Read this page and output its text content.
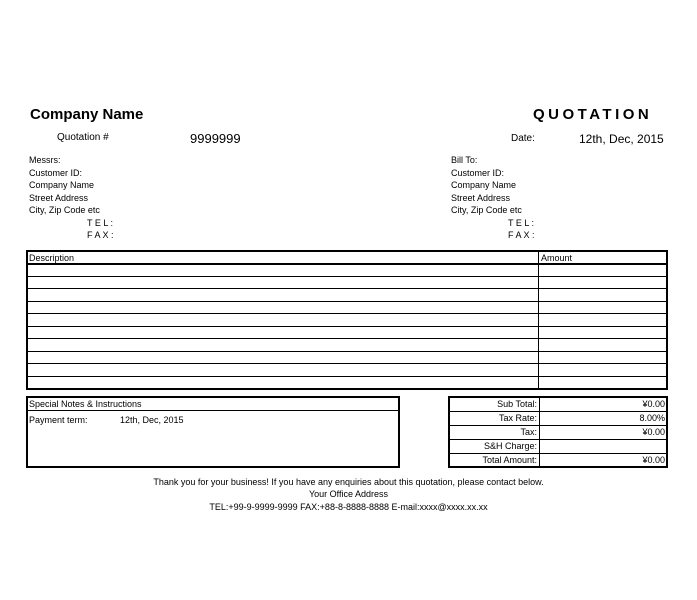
Company Name	QUOTATION
Quotation #	9999999	Date:	12th, Dec, 2015
Messrs:
Customer ID:
Company Name
Street Address
City, Zip Code etc
T E L :
F A X :
Bill To:
Customer ID:
Company Name
Street Address
City, Zip Code etc
T E L :
F A X :
Description	Amount
Special Notes & Instructions
Payment term:	12th, Dec, 2015
Sub Total:	¥0.00
Tax Rate:	8.00%
Tax:	¥0.00
S&H Charge:
Total Amount:	¥0.00
Thank you for your business! If you have any enquiries about this quotation, please contact below.
Your Office Address
TEL:+99-9-9999-9999 FAX:+88-8-8888-8888 E-mail:xxxx@xxxx.xx.xx
